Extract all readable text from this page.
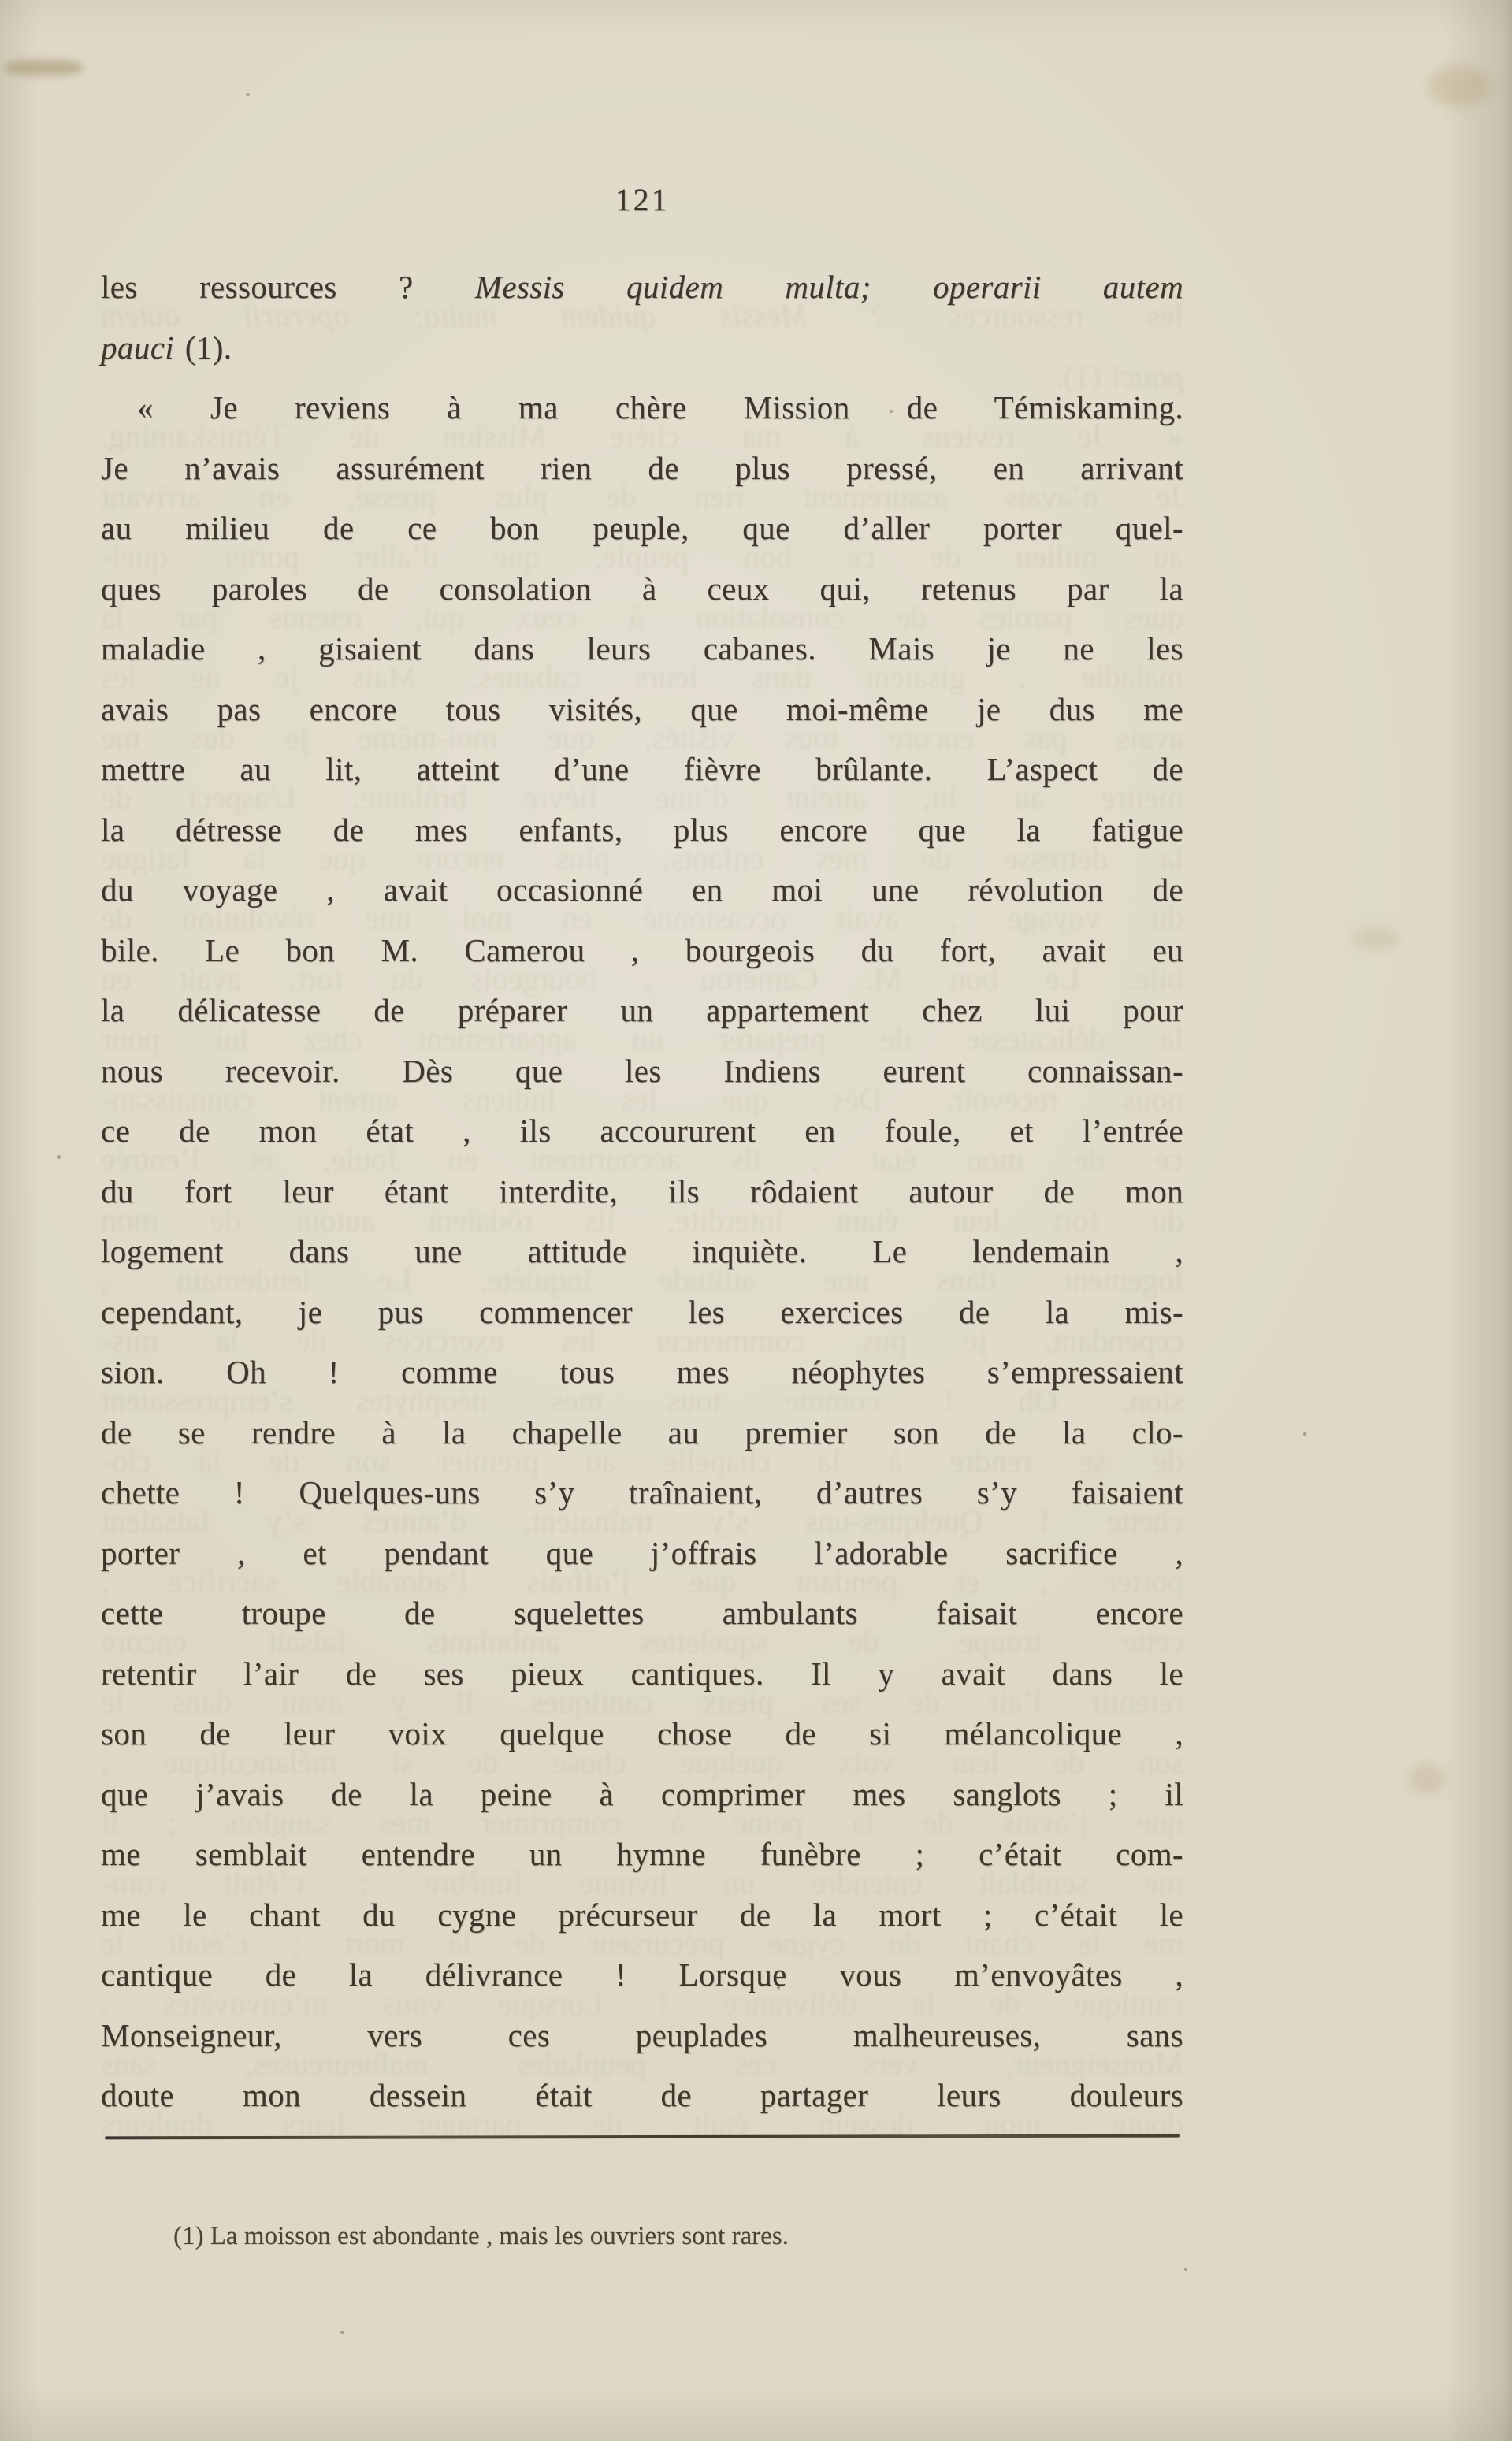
les ressources ? Messis quidem multa; operarii autem
pauci (1).
« Je reviens à ma chère Mission de Témiskaming.
Je n’avais assurément rien de plus pressé, en arrivant
au milieu de ce bon peuple, que d’aller porter quel-
ques paroles de consolation à ceux qui, retenus par la
maladie , gisaient dans leurs cabanes. Mais je ne les
avais pas encore tous visités, que moi-même je dus me
mettre au lit, atteint d’une fièvre brûlante. L’aspect de
la détresse de mes enfants, plus encore que la fatigue
du voyage , avait occasionné en moi une révolution de
bile. Le bon M. Camerou , bourgeois du fort, avait eu
la délicatesse de préparer un appartement chez lui pour
nous recevoir. Dès que les Indiens eurent connaissan-
ce de mon état , ils accoururent en foule, et l’entrée
du fort leur étant interdite, ils rôdaient autour de mon
logement dans une attitude inquiète. Le lendemain ,
cependant, je pus commencer les exercices de la mis-
sion. Oh ! comme tous mes néophytes s’empressaient
de se rendre à la chapelle au premier son de la clo-
chette ! Quelques-uns s’y traînaient, d’autres s’y faisaient
porter , et pendant que j’offrais l’adorable sacrifice ,
cette troupe de squelettes ambulants faisait encore
retentir l’air de ses pieux cantiques. Il y avait dans le
son de leur voix quelque chose de si mélancolique ,
que j’avais de la peine à comprimer mes sanglots ; il
me semblait entendre un hymne funèbre ; c’était com-
me le chant du cygne précurseur de la mort ; c’était le
cantique de la délivrance ! Lorsque vous m’envoyâtes ,
Monseigneur, vers ces peuplades malheureuses, sans
doute mon dessein était de partager leurs douleurs
121
les ressources ? Messis quidem multa; operarii autem
pauci (1).
« Je reviens à ma chère Mission de Témiskaming.
Je n’avais assurément rien de plus pressé, en arrivant
au milieu de ce bon peuple, que d’aller porter quel-
ques paroles de consolation à ceux qui, retenus par la
maladie , gisaient dans leurs cabanes. Mais je ne les
avais pas encore tous visités, que moi-même je dus me
mettre au lit, atteint d’une fièvre brûlante. L’aspect de
la détresse de mes enfants, plus encore que la fatigue
du voyage , avait occasionné en moi une révolution de
bile. Le bon M. Camerou , bourgeois du fort, avait eu
la délicatesse de préparer un appartement chez lui pour
nous recevoir. Dès que les Indiens eurent connaissan-
ce de mon état , ils accoururent en foule, et l’entrée
du fort leur étant interdite, ils rôdaient autour de mon
logement dans une attitude inquiète. Le lendemain ,
cependant, je pus commencer les exercices de la mis-
sion. Oh ! comme tous mes néophytes s’empressaient
de se rendre à la chapelle au premier son de la clo-
chette ! Quelques-uns s’y traînaient, d’autres s’y faisaient
porter , et pendant que j’offrais l’adorable sacrifice ,
cette troupe de squelettes ambulants faisait encore
retentir l’air de ses pieux cantiques. Il y avait dans le
son de leur voix quelque chose de si mélancolique ,
que j’avais de la peine à comprimer mes sanglots ; il
me semblait entendre un hymne funèbre ; c’était com-
me le chant du cygne précurseur de la mort ; c’était le
cantique de la délivrance ! Lorsque vous m’envoyâtes ,
Monseigneur, vers ces peuplades malheureuses, sans
doute mon dessein était de partager leurs douleurs
(1) La moisson est abondante , mais les ouvriers sont rares.
